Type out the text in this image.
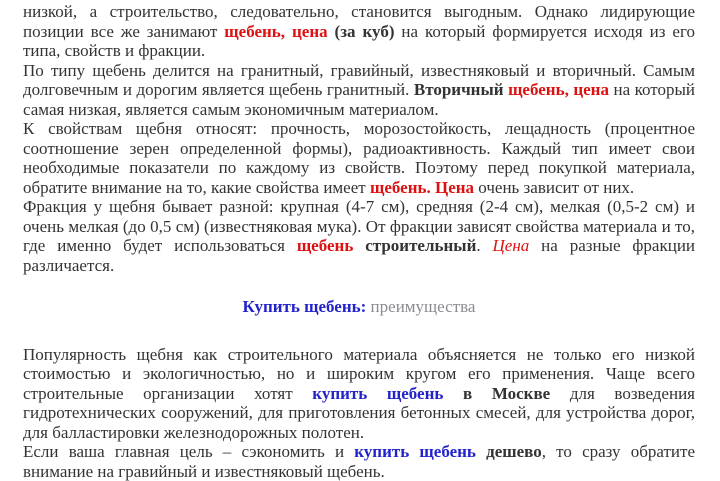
низкой, а строительство, следовательно, становится выгодным. Однако лидирующие позиции все же занимают щебень, цена (за куб) на который формируется исходя из его типа, свойств и фракции.

По типу щебень делится на гранитный, гравийный, известняковый и вторичный. Самым долговечным и дорогим является щебень гранитный. Вторичный щебень, цена на который самая низкая, является самым экономичным материалом.

К свойствам щебня относят: прочность, морозостойкость, лещадность (процентное соотношение зерен определенной формы), радиоактивность. Каждый тип имеет свои необходимые показатели по каждому из свойств. Поэтому перед покупкой материала, обратите внимание на то, какие свойства имеет щебень. Цена очень зависит от них.

Фракция у щебня бывает разной: крупная (4-7 см), средняя (2-4 см), мелкая (0,5-2 см) и очень мелкая (до 0,5 см) (известняковая мука). От фракции зависят свойства материала и то, где именно будет использоваться щебень строительный. Цена на разные фракции различается.

Купить щебень: преимущества

Популярность щебня как строительного материала объясняется не только его низкой стоимостью и экологичностью, но и широким кругом его применения. Чаще всего строительные организации хотят купить щебень в Москве для возведения гидротехнических сооружений, для приготовления бетонных смесей, для устройства дорог, для балластировки железнодорожных полотен.

Если ваша главная цель – сэкономить и купить щебень дешево, то сразу обратите внимание на гравийный и известняковый щебень.
